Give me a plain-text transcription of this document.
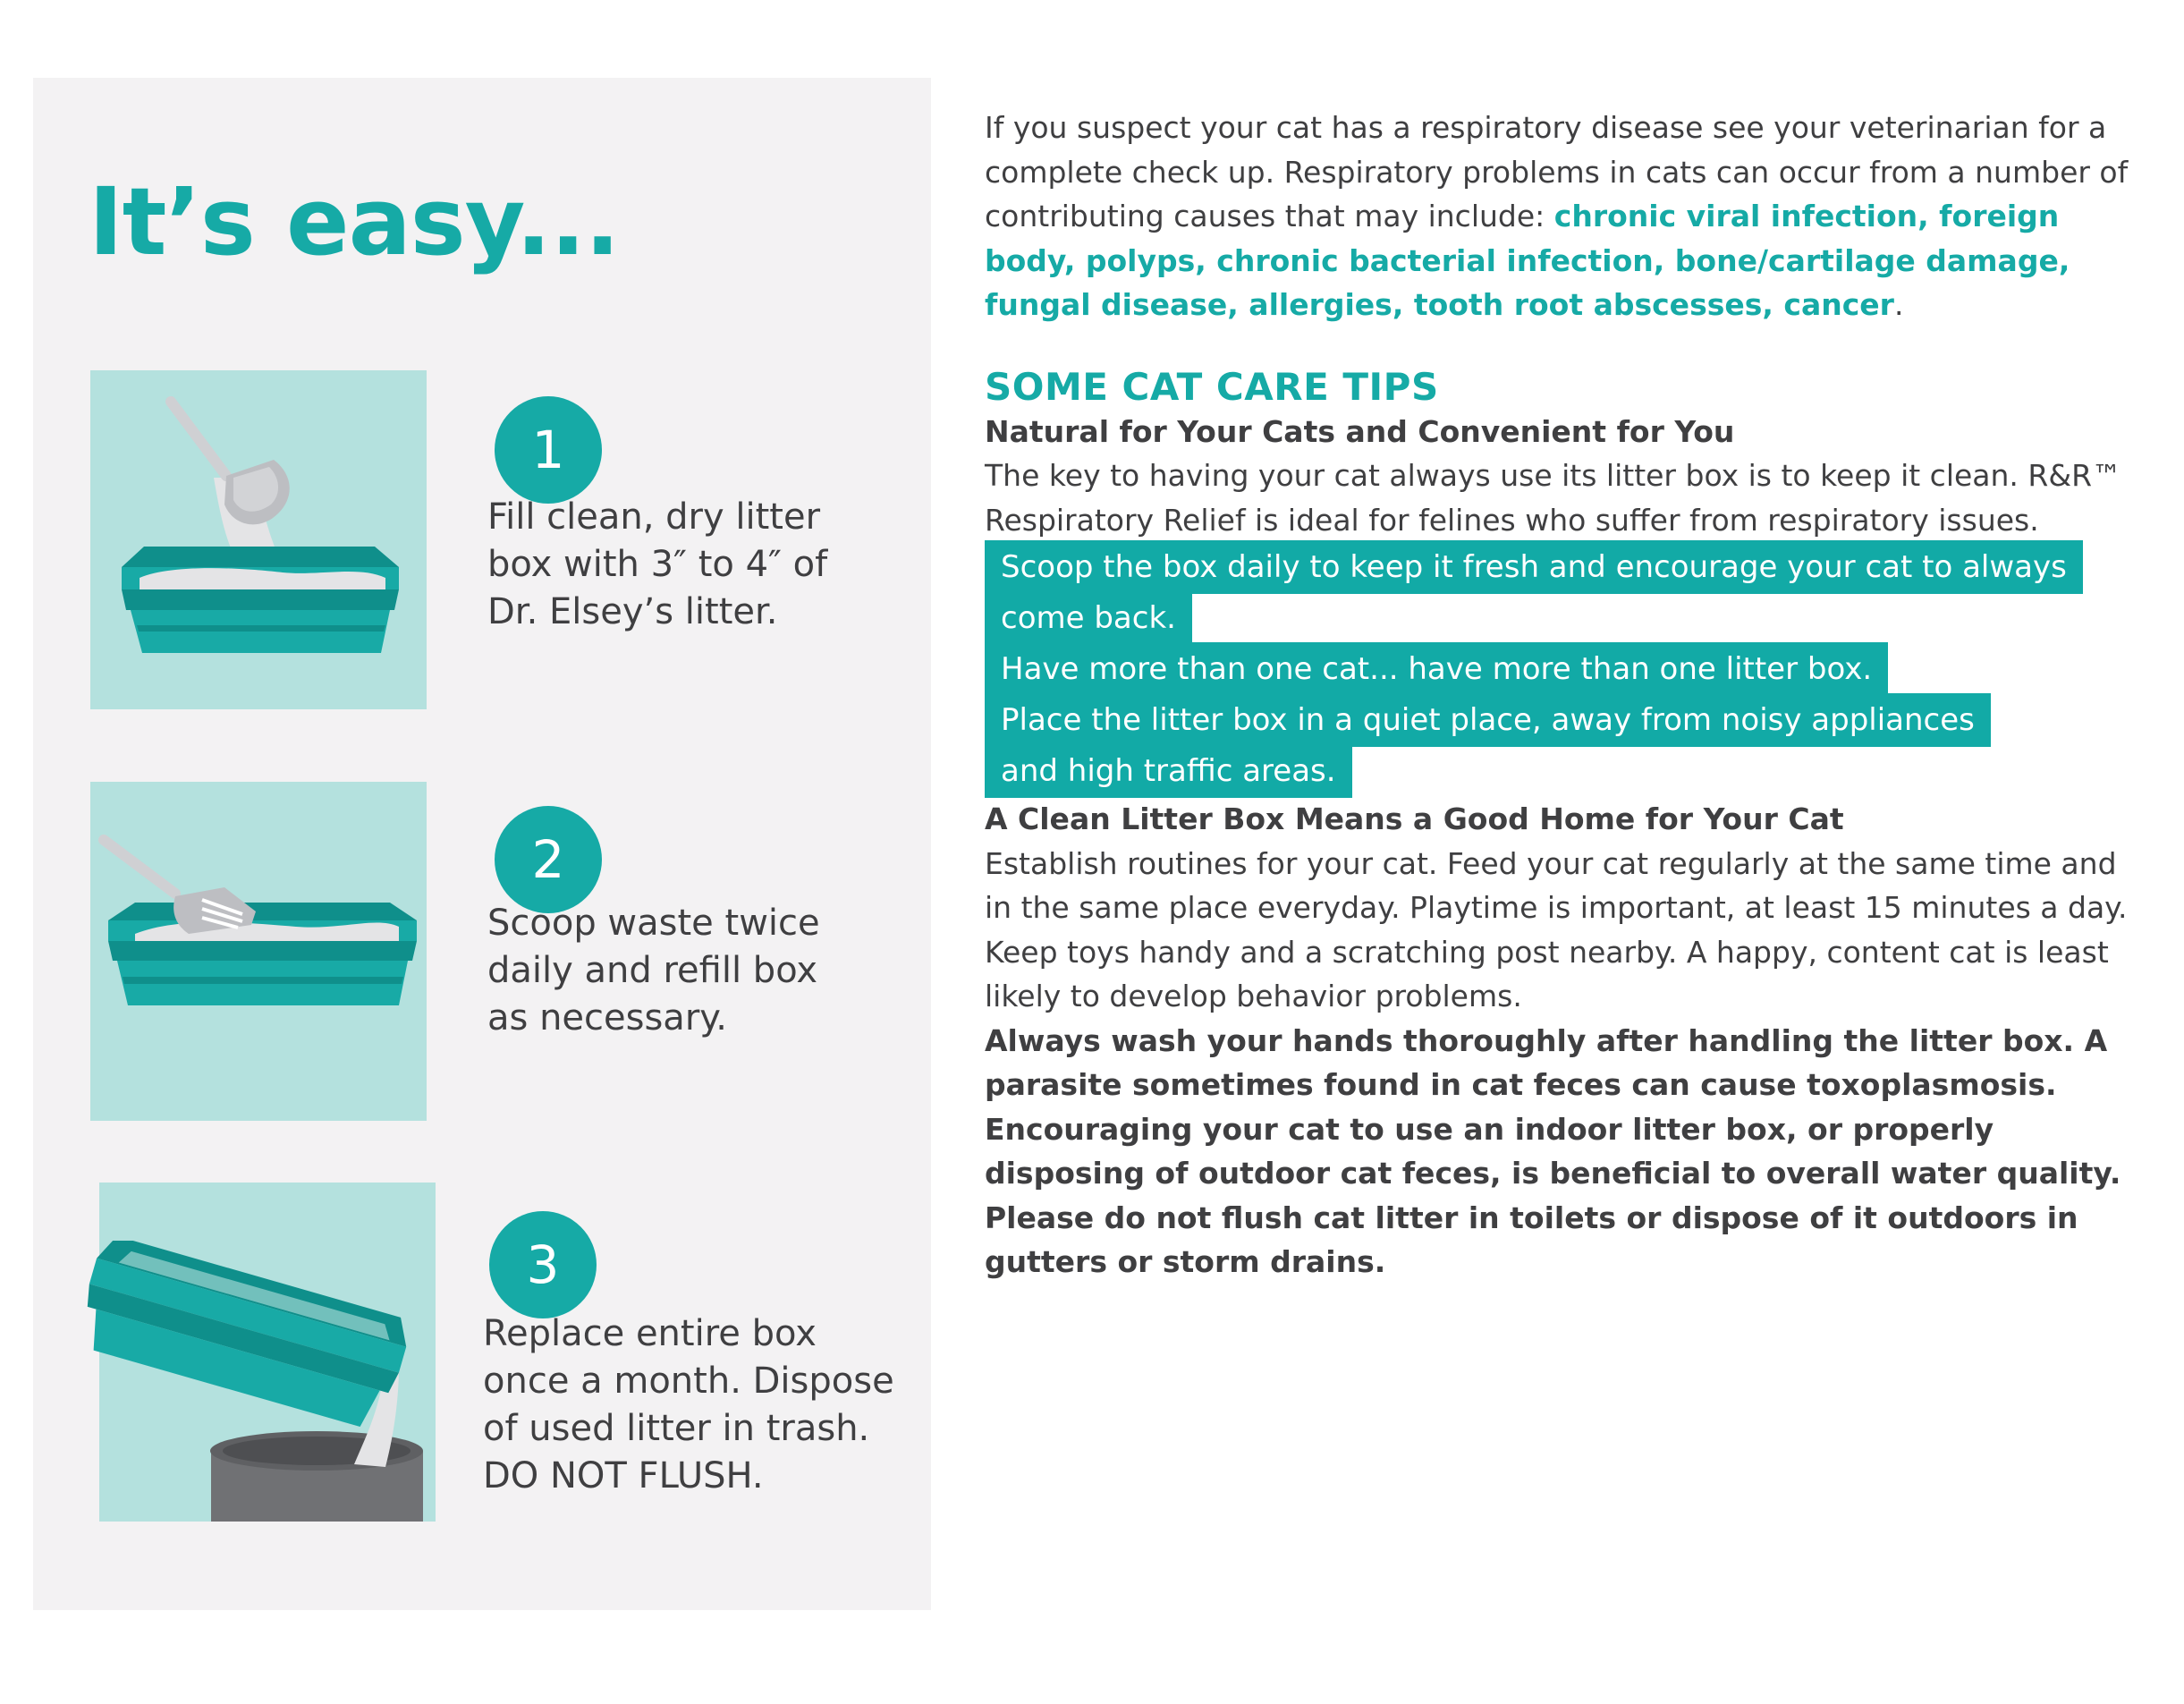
It’s easy...
1

Fill clean, dry litter
box with 3″ to 4″ of
Dr. Elsey’s litter.

2

Scoop waste twice
daily and refill box
as necessary.

3

Replace entire box
once a month. Dispose
of used litter in trash.
DO NOT FLUSH.

If you suspect your cat has a respiratory disease see your veterinarian for a complete check up. Respiratory problems in cats can occur from a number of contributing causes that may include: chronic viral infection, foreign body, polyps, chronic bacterial infection, bone/cartilage damage, fungal disease, allergies, tooth root abscesses, cancer.

SOME CAT CARE TIPS

Natural for Your Cats and Convenient for You

The key to having your cat always use its litter box is to keep it clean. R&R™ Respiratory Relief is ideal for felines who suffer from respiratory issues.

Scoop the box daily to keep it fresh and encourage your cat to always come back.

Have more than one cat... have more than one litter box.

Place the litter box in a quiet place, away from noisy appliances and high traffic areas.

A Clean Litter Box Means a Good Home for Your Cat

Establish routines for your cat. Feed your cat regularly at the same time and in the same place everyday. Playtime is important, at least 15 minutes a day. Keep toys handy and a scratching post nearby. A happy, content cat is least likely to develop behavior problems.

Always wash your hands thoroughly after handling the litter box. A parasite sometimes found in cat feces can cause toxoplasmosis. Encouraging your cat to use an indoor litter box, or properly disposing of outdoor cat feces, is beneficial to overall water quality. Please do not flush cat litter in toilets or dispose of it outdoors in gutters or storm drains.
